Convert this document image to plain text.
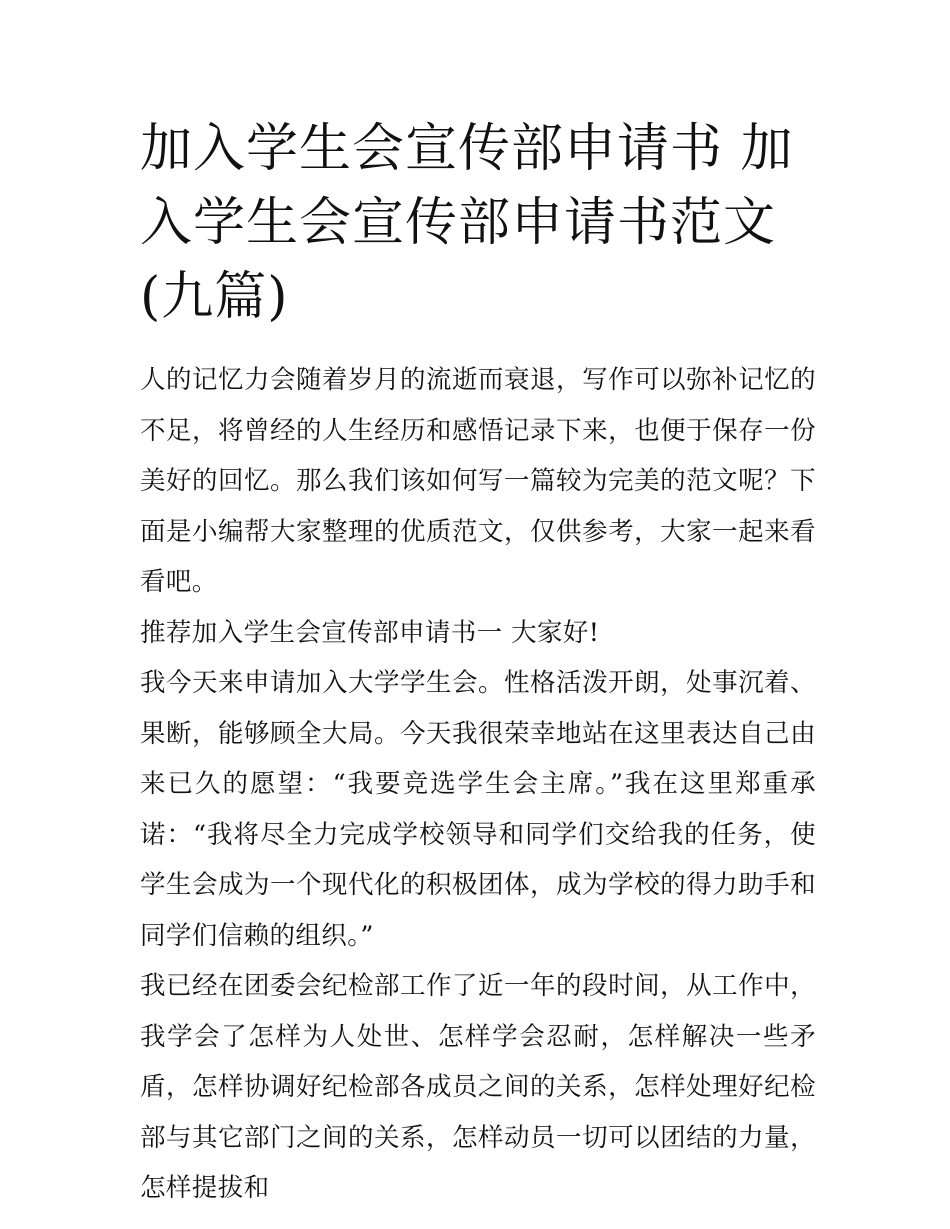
加入学生会宣传部申请书 加入学生会宣传部申请书范文(九篇)

人的记忆力会随着岁月的流逝而衰退，写作可以弥补记忆的不足，将曾经的人生经历和感悟记录下来，也便于保存一份美好的回忆。那么我们该如何写一篇较为完美的范文呢？下面是小编帮大家整理的优质范文，仅供参考，大家一起来看看吧。

推荐加入学生会宣传部申请书一 大家好!

我今天来申请加入大学学生会。性格活泼开朗，处事沉着、果断，能够顾全大局。今天我很荣幸地站在这里表达自己由来已久的愿望：“我要竞选学生会主席。”我在这里郑重承诺：“我将尽全力完成学校领导和同学们交给我的任务，使学生会成为一个现代化的积极团体，成为学校的得力助手和同学们信赖的组织。”

我已经在团委会纪检部工作了近一年的段时间，从工作中，我学会了怎样为人处世、怎样学会忍耐，怎样解决一些矛盾，怎样协调好纪检部各成员之间的关系，怎样处理好纪检部与其它部门之间的关系，怎样动员一切可以团结的力量，怎样提拔和
